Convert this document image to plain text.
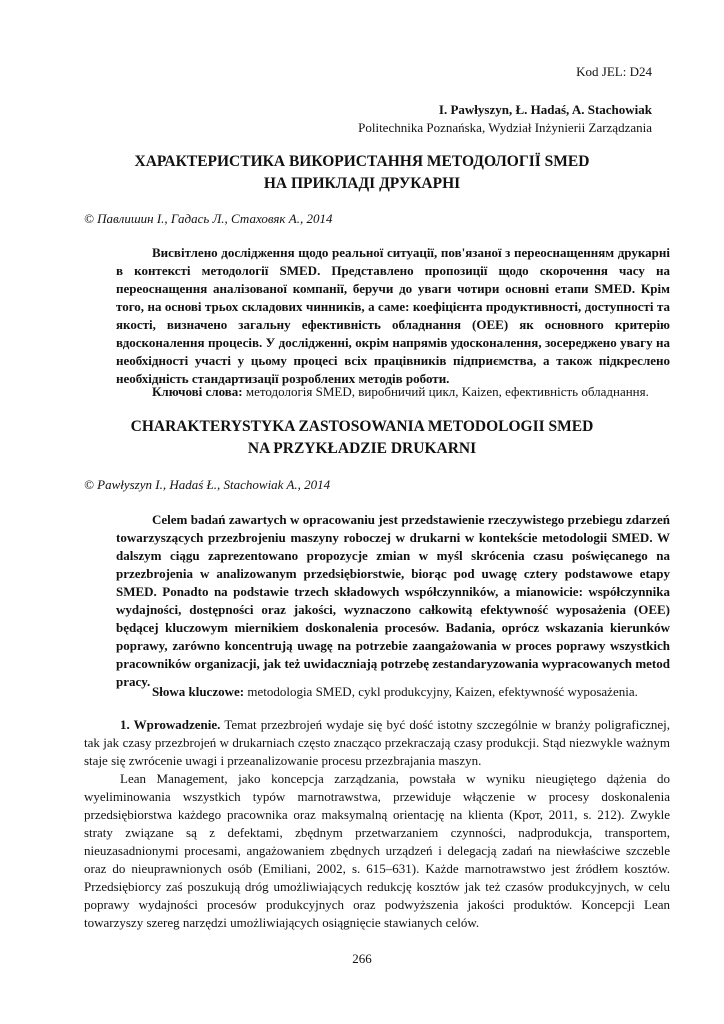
Kod JEL: D24
I. Pawłyszyn, Ł. Hadaś, A. Stachowiak
Politechnika Poznańska, Wydział Inżynierii Zarządzania
ХАРАКТЕРИСТИКА ВИКОРИСТАННЯ МЕТОДОЛОГІЇ SMED
НА ПРИКЛАДІ ДРУКАРНІ
© Павлишин І., Гадась Л., Стаховяк А., 2014

Висвітлено дослідження щодо реальної ситуації, пов'язаної з переоснащенням друкарні в контексті методології SMED. Представлено пропозиції щодо скорочення часу на переоснащення аналізованої компанії, беручи до уваги чотири основні етапи SMED. Крім того, на основі трьох складових чинників, а саме: коефіцієнта продуктивності, доступності та якості, визначено загальну ефективність обладнання (ОЕЕ) як основного критерію вдосконалення процесів. У дослідженні, окрім напрямів удосконалення, зосереджено увагу на необхідності участі у цьому процесі всіх працівників підприємства, а також підкреслено необхідність стандартизації розроблених методів роботи.

Ключові слова: методологія SMED, виробничий цикл, Kaizen, ефективність обладнання.

CHARAKTERYSTYKA ZASTOSOWANIA METODOLOGII SMED
NA PRZYKŁADZIE DRUKARNI
© Pawłyszyn I., Hadaś Ł., Stachowiak A., 2014

Celem badań zawartych w opracowaniu jest przedstawienie rzeczywistego przebiegu zdarzeń towarzyszących przezbrojeniu maszyny roboczej w drukarni w kontekście metodologii SMED. W dalszym ciągu zaprezentowano propozycje zmian w myśl skrócenia czasu poświęcanego na przezbrojenia w analizowanym przedsiębiorstwie, biorąc pod uwagę cztery podstawowe etapy SMED. Ponadto na podstawie trzech składowych współczynników, a mianowicie: współczynnika wydajności, dostępności oraz jakości, wyznaczono całkowitą efektywność wyposażenia (OEE) będącej kluczowym miernikiem doskonalenia procesów. Badania, oprócz wskazania kierunków poprawy, zarówno koncentrują uwagę na potrzebie zaangażowania w proces poprawy wszystkich pracowników organizacji, jak też uwidaczniają potrzebę zestandaryzowania wypracowanych metod pracy.

Słowa kluczowe: metodologia SMED, cykl produkcyjny, Kaizen, efektywność wyposażenia.

1. Wprowadzenie. Temat przezbrojeń wydaje się być dość istotny szczególnie w branży poligraficznej, tak jak czasy przezbrojeń w drukarniach często znacząco przekraczają czasy produkcji. Stąd niezwykle ważnym staje się zwrócenie uwagi i przeanalizowanie procesu przezbrajania maszyn.

Lean Management, jako koncepcja zarządzania, powstała w wyniku nieugiętego dążenia do wyeliminowania wszystkich typów marnotrawstwa, przewiduje włączenie w procesy doskonalenia przedsiębiorstwa każdego pracownika oraz maksymalną orientację na klienta (Крот, 2011, s. 212). Zwykle straty związane są z defektami, zbędnym przetwarzaniem czynności, nadprodukcja, transportem, nieuzasadnionymi procesami, angażowaniem zbędnych urządzeń i delegacją zadań na niewłaściwe szczeble oraz do nieuprawnionych osób (Emiliani, 2002, s. 615–631). Każde marnotrawstwo jest źródłem kosztów. Przedsiębiorcy zaś poszukują dróg umożliwiających redukcję kosztów jak też czasów produkcyjnych, w celu poprawy wydajności procesów produkcyjnych oraz podwyższenia jakości produktów. Koncepcji Lean towarzyszy szereg narzędzi umożliwiających osiągnięcie stawianych celów.

266
